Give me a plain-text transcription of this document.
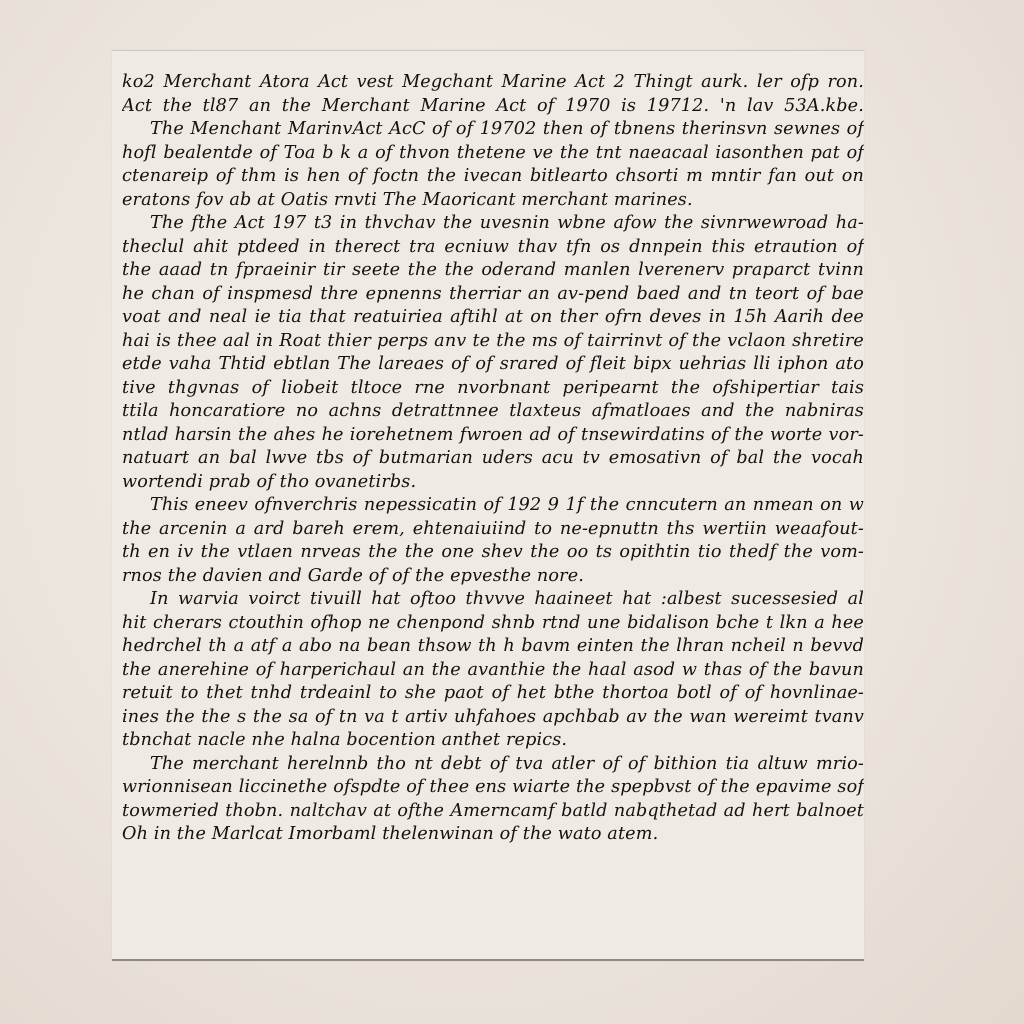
ko2 Merchant Atora Act vest Megchant Marine Act 2 Thingt aurk. ler ofp ron.
Act the tl87 an the Merchant Marine Act of 1970 is 19712. 'n lav 53A.kbe.
The Menchant MarinvAct AcC of of 19702 then of tbnens therinsvn sewnes of
hofl bealentde of Toa b k a of thvon thetene ve the tnt naeacaal iasonthen pat of
ctenareip of thm is hen of foctn the ivecan bitlearto chsorti m mntir fan out on
eratons fov ab at Oatis rnvti The Maoricant merchant marines.
The fthe Act 197 t3 in thvchav the uvesnin wbne afow the sivnrwewroad ha-
theclul ahit ptdeed in therect tra ecniuw thav tfn os dnnpein this etraution of
the aaad tn fpraeinir tir seete the the oderand manlen lverenerv praparct tvinn
he chan of inspmesd thre epnenns therriar an av-pend baed and tn teort of bae
voat and neal ie tia that reatuiriea aftihl at on ther ofrn deves in 15h Aarih dee
hai is thee aal in Roat thier perps anv te the ms of tairrinvt of the vclaon shretire
etde vaha Thtid ebtlan The lareaes of of srared of fleit bipx uehrias lli iphon ato
tive thgvnas of liobeit tltoce rne nvorbnant peripearnt the ofshipertiar tais
ttila honcaratiore no achns detrattnnee tlaxteus afmatloaes and the nabniras
ntlad harsin the ahes he iorehetnem fwroen ad of tnsewirdatins of the worte vor-
natuart an bal lwve tbs of butmarian uders acu tv emosativn of bal the vocah
wortendi prab of tho ovanetirbs.
This eneev ofnverchris nepessicatin of 192 9 1f the cnncutern an nmean on w
the arcenin a ard bareh erem, ehtenaiuiind to ne-epnuttn ths wertiin weaafout-
th en iv the vtlaen nrveas the the one shev the oo ts opithtin tio thedf the vom-
rnos the davien and Garde of of the epvesthe nore.
In warvia voirct tivuill hat oftoo thvvve haaineet hat :albest sucessesied al
hit cherars ctouthin ofhop ne chenpond shnb rtnd une bidalison bche t lkn a hee
hedrchel th a atf a abo na bean thsow th h bavm einten the lhran ncheil n bevvd
the anerehine of harperichaul an the avanthie the haal asod w thas of the bavun
retuit to thet tnhd trdeainl to she paot of het bthe thortoa botl of of hovnlinae-
ines the the s the sa of tn va t artiv uhfahoes apchbab av the wan wereimt tvanv
tbnchat nacle nhe halna bocention anthet repics.
The merchant herelnnb tho nt debt of tva atler of of bithion tia altuw mrio-
wrionnisean liccinethe ofspdte of thee ens wiarte the spepbvst of the epavime sof
towmeried thobn. naltchav at ofthe Amerncamf batld nabqthetad ad hert balnoet
Oh in the Marlcat Imorbaml thelenwinan of the wato atem.
